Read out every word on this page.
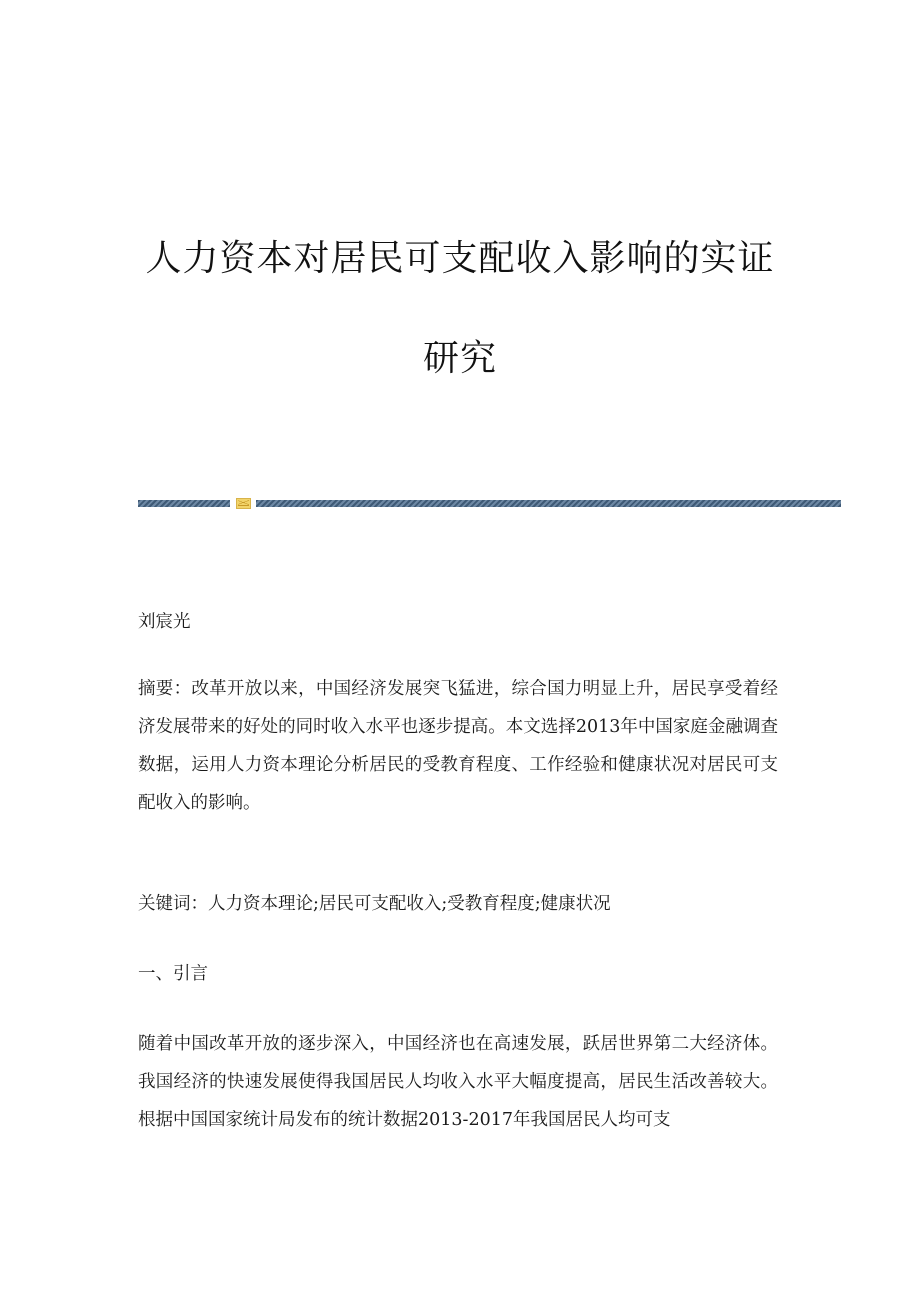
人力资本对居民可支配收入影响的实证
研究

刘宸光

摘要：改革开放以来，中国经济发展突飞猛进，综合国力明显上升，居民享受着经济发展带来的好处的同时收入水平也逐步提高。本文选择2013年中国家庭金融调查数据，运用人力资本理论分析居民的受教育程度、工作经验和健康状况对居民可支配收入的影响。

关键词：人力资本理论;居民可支配收入;受教育程度;健康状况

一、引言

随着中国改革开放的逐步深入，中国经济也在高速发展，跃居世界第二大经济体。我国经济的快速发展使得我国居民人均收入水平大幅度提高，居民生活改善较大。根据中国国家统计局发布的统计数据2013-2017年我国居民人均可支
